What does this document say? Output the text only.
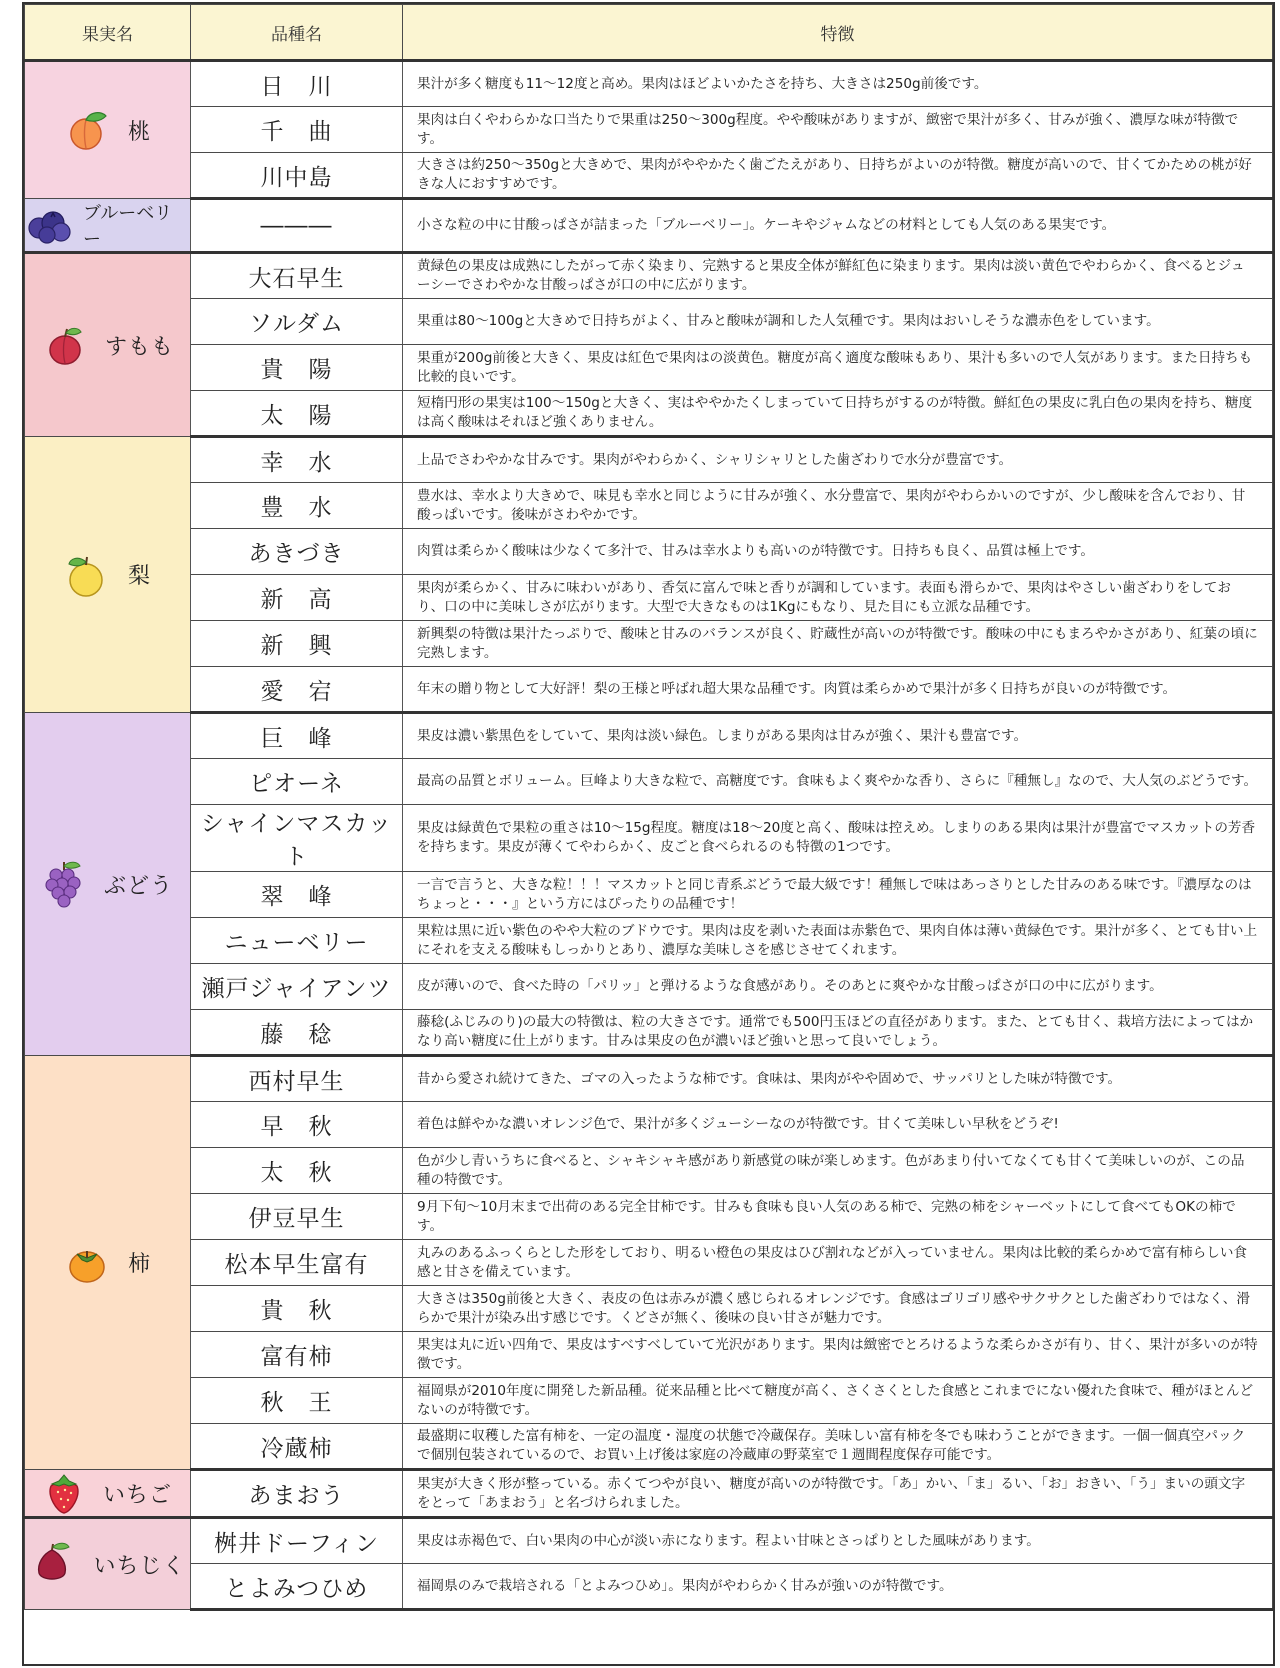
果実名	品種名	特徴

桃	日　川	果汁が多く糖度も11～12度と高め。果肉はほどよいかたさを持ち、大きさは250g前後です。
	千　曲	果肉は白くやわらかな口当たりで果重は250～300g程度。やや酸味がありますが、緻密で果汁が多く、甘みが強く、濃厚な味が特徴です。
	川中島	大きさは約250～350gと大きめで、果肉がややかたく歯ごたえがあり、日持ちがよいのが特徴。糖度が高いので、甘くてかための桃が好きな人におすすめです。

ブルーベリー	―――	小さな粒の中に甘酸っぱさが詰まった「ブルーベリー」。ケーキやジャムなどの材料としても人気のある果実です。

すもも	大石早生	黄緑色の果皮は成熟にしたがって赤く染まり、完熟すると果皮全体が鮮紅色に染まります。果肉は淡い黄色でやわらかく、食べるとジューシーでさわやかな甘酸っぱさが口の中に広がります。
	ソルダム	果重は80～100gと大きめで日持ちがよく、甘みと酸味が調和した人気種です。果肉はおいしそうな濃赤色をしています。
	貴　陽	果重が200g前後と大きく、果皮は紅色で果肉はの淡黄色。糖度が高く適度な酸味もあり、果汁も多いので人気があります。また日持ちも比較的良いです。
	太　陽	短楕円形の果実は100～150gと大きく、実はややかたくしまっていて日持ちがするのが特徴。鮮紅色の果皮に乳白色の果肉を持ち、糖度は高く酸味はそれほど強くありません。

梨	幸　水	上品でさわやかな甘みです。果肉がやわらかく、シャリシャリとした歯ざわりで水分が豊富です。
	豊　水	豊水は、幸水より大きめで、味見も幸水と同じように甘みが強く、水分豊富で、果肉がやわらかいのですが、少し酸味を含んでおり、甘酸っぱいです。後味がさわやかです。
	あきづき	肉質は柔らかく酸味は少なくて多汁で、甘みは幸水よりも高いのが特徴です。日持ちも良く、品質は極上です。
	新　高	果肉が柔らかく、甘みに味わいがあり、香気に富んで味と香りが調和しています。表面も滑らかで、果肉はやさしい歯ざわりをしており、口の中に美味しさが広がります。大型で大きなものは1Kgにもなり、見た目にも立派な品種です。
	新　興	新興梨の特徴は果汁たっぷりで、酸味と甘みのバランスが良く、貯蔵性が高いのが特徴です。酸味の中にもまろやかさがあり、紅葉の頃に完熟します。
	愛　宕	年末の贈り物として大好評！梨の王様と呼ばれ超大果な品種です。肉質は柔らかめで果汁が多く日持ちが良いのが特徴です。

ぶどう	巨　峰	果皮は濃い紫黒色をしていて、果肉は淡い緑色。しまりがある果肉は甘みが強く、果汁も豊富です。
	ピオーネ	最高の品質とボリューム。巨峰より大きな粒で、高糖度です。食味もよく爽やかな香り、さらに『種無し』なので、大人気のぶどうです。
	シャインマスカット	果皮は緑黄色で果粒の重さは10～15g程度。糖度は18～20度と高く、酸味は控えめ。しまりのある果肉は果汁が豊富でマスカットの芳香を持ちます。果皮が薄くてやわらかく、皮ごと食べられるのも特徴の1つです。
	翠　峰	一言で言うと、大きな粒！！！マスカットと同じ青系ぶどうで最大級です！種無しで味はあっさりとした甘みのある味です。『濃厚なのはちょっと・・・』という方にはぴったりの品種です！
	ニューベリー	果粒は黒に近い紫色のやや大粒のブドウです。果肉は皮を剥いた表面は赤紫色で、果肉自体は薄い黄緑色です。果汁が多く、とても甘い上にそれを支える酸味もしっかりとあり、濃厚な美味しさを感じさせてくれます。
	瀬戸ジャイアンツ	皮が薄いので、食べた時の「パリッ」と弾けるような食感があり。そのあとに爽やかな甘酸っぱさが口の中に広がります。
	藤　稔	藤稔(ふじみのり)の最大の特徴は、粒の大きさです。通常でも500円玉ほどの直径があります。また、とても甘く、栽培方法によってはかなり高い糖度に仕上がります。甘みは果皮の色が濃いほど強いと思って良いでしょう。

柿	西村早生	昔から愛され続けてきた、ゴマの入ったような柿です。食味は、果肉がやや固めで、サッパリとした味が特徴です。
	早　秋	着色は鮮やかな濃いオレンジ色で、果汁が多くジューシーなのが特徴です。甘くて美味しい早秋をどうぞ!
	太　秋	色が少し青いうちに食べると、シャキシャキ感があり新感覚の味が楽しめます。色があまり付いてなくても甘くて美味しいのが、この品種の特徴です。
	伊豆早生	9月下旬～10月末まで出荷のある完全甘柿です。甘みも食味も良い人気のある柿で、完熟の柿をシャーベットにして食べてもOKの柿です。
	松本早生富有	丸みのあるふっくらとした形をしており、明るい橙色の果皮はひび割れなどが入っていません。果肉は比較的柔らかめで富有柿らしい食感と甘さを備えています。
	貴　秋	大きさは350g前後と大きく、表皮の色は赤みが濃く感じられるオレンジです。食感はゴリゴリ感やサクサクとした歯ざわりではなく、滑らかで果汁が染み出す感じです。くどさが無く、後味の良い甘さが魅力です。
	富有柿	果実は丸に近い四角で、果皮はすべすべしていて光沢があります。果肉は緻密でとろけるような柔らかさが有り、甘く、果汁が多いのが特徴です。
	秋　王	福岡県が2010年度に開発した新品種。従来品種と比べて糖度が高く、さくさくとした食感とこれまでにない優れた食味で、種がほとんどないのが特徴です。
	冷蔵柿	最盛期に収穫した富有柿を、一定の温度・湿度の状態で冷蔵保存。美味しい富有柿を冬でも味わうことができます。一個一個真空パックで個別包装されているので、お買い上げ後は家庭の冷蔵庫の野菜室で１週間程度保存可能です。

いちご	あまおう	果実が大きく形が整っている。赤くてつやが良い、糖度が高いのが特徴です。「あ」かい、「ま」るい、「お」おきい、「う」まいの頭文字をとって「あまおう」と名づけられました。

いちじく	桝井ドーフィン	果皮は赤褐色で、白い果肉の中心が淡い赤になります。程よい甘味とさっぱりとした風味があります。
	とよみつひめ	福岡県のみで栽培される「とよみつひめ」。果肉がやわらかく甘みが強いのが特徴です。
